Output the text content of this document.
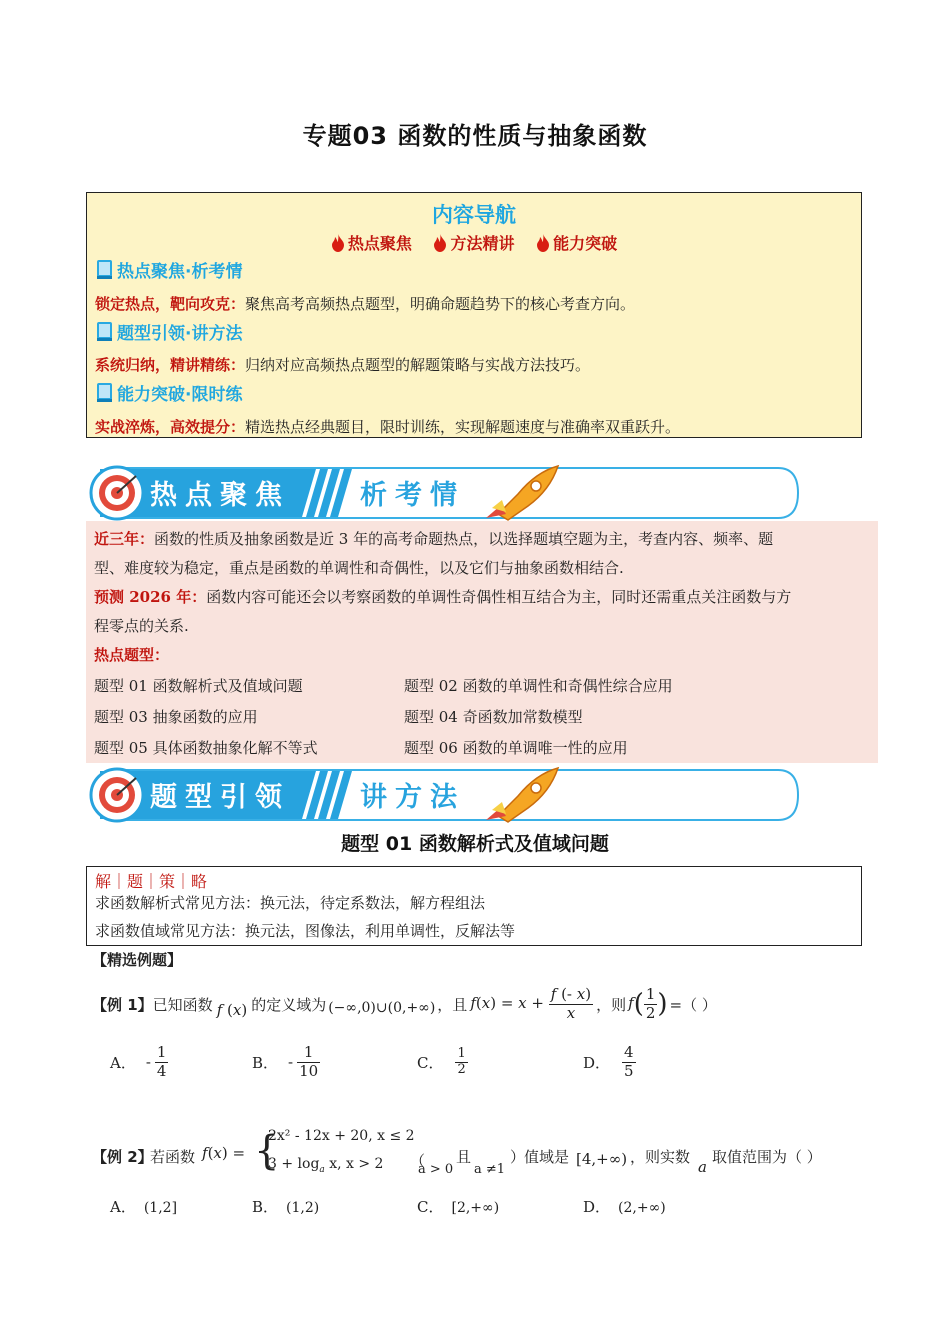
专题03 函数的性质与抽象函数
内容导航
热点聚焦 方法精讲 能力突破
热点聚焦·析考情
锁定热点，靶向攻克：聚焦高考高频热点题型，明确命题趋势下的核心考查方向。
题型引领·讲方法
系统归纳，精讲精练：归纳对应高频热点题型的解题策略与实战方法技巧。
能力突破·限时练
实战淬炼，高效提分：精选热点经典题目，限时训练，实现解题速度与准确率双重跃升。
热点聚焦	析考情
近三年：函数的性质及抽象函数是近 3 年的高考命题热点，以选择题填空题为主，考查内容、频率、题
型、难度较为稳定，重点是函数的单调性和奇偶性，以及它们与抽象函数相结合.
预测 2026 年：函数内容可能还会以考察函数的单调性奇偶性相互结合为主，同时还需重点关注函数与方
程零点的关系.
热点题型：
题型 01 函数解析式及值域问题	题型 02 函数的单调性和奇偶性综合应用
题型 03 抽象函数的应用	题型 04 奇函数加常数模型
题型 05 具体函数抽象化解不等式	题型 06 函数的单调唯一性的应用
题型引领	讲方法
题型 01 函数解析式及值域问题
解｜题｜策｜略
求函数解析式常见方法：换元法，待定系数法，解方程组法
求函数值域常见方法：换元法，图像法，利用单调性，反解法等
【精选例题】
【例 1】 已知函数 f (x) 的定义域为 (−∞,0)∪(0,+∞) ，且 $f(x) = x + \frac{f (- x)}{x}$ ，则 $f( \frac{1}{2}$ ) =（ ）
A． - $\frac{1}{4}$	B． - $\frac{1}{10}$	C． $\frac{1}{2}$	D． $\frac{4}{5}$
【例 2】
若函数 f(x) = {
2x² - 12x + 20, x ≤ 2
$3 + \log_a x$, x > 2 （
a > 0
且
a ≠1
）
值域是 [4,+∞) ，则实数
a
取值范围为（ ）
A． (1,2]	B． (1,2)	C． [2,+∞)	D． (2,+∞)
